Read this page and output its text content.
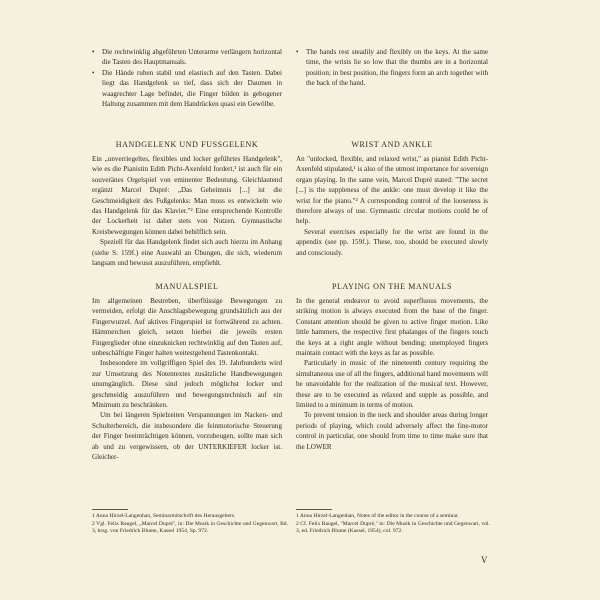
• Die rechtwinklig abgeführten Unterarme verlängern horizontal die Tasten des Hauptmanuals.
• Die Hände ruhen stabil und elastisch auf den Tasten. Dabei liegt das Handgelenk so tief, dass sich der Daumen in waagrechter Lage befindet, die Finger bilden in gebogener Haltung zusammen mit dem Handrücken quasi ein Gewölbe.
HANDGELENK UND FUSSGELENK

Ein „unverriegeltes, flexibles und locker geführtes Handgelenk", wie es die Pianistin Edith Picht-Axenfeld fordert,¹ ist auch für ein souveränes Orgelspiel von eminenter Bedeutung. Gleichlautend ergänzt Marcel Dupré: „Das Geheimnis [...] ist die Geschmeidigkeit des Fußgelenks: Man muss es entwickeln wie das Handgelenk für das Klavier."² Eine entsprechende Kontrolle der Lockerheit ist daher stets von Nutzen. Gymnastische Kreisbewegungen können dabei behilflich sein.

Speziell für das Handgelenk findet sich auch hierzu im Anhang (siehe S. 159f.) eine Auswahl an Übungen, die sich, wiederum langsam und bewusst auszuführen, empfiehlt.

MANUALSPIEL

Im allgemeinen Bestreben, überflüssige Bewegungen zu vermeiden, erfolgt die Anschlagsbewegung grundsätzlich aus der Fingerwurzel. Auf aktives Fingerspiel ist fortwährend zu achten. Hämmerchen gleich, setzen hierbei die jeweils ersten Fingerglieder ohne einzuknicken rechtwinklig auf den Tasten auf, unbeschäftigte Finger halten weitestgehend Tastenkontakt.

Insbesondere im vollgriffigen Spiel des 19. Jahrhunderts wird zur Umsetzung des Notentextes zusätzliche Handbewegungen unumgänglich. Diese sind jedoch möglichst locker und geschmeidig auszuführen und bewegungstechnisch auf ein Minimum zu beschränken.

Um bei längeren Spielzeiten Verspannungen im Nacken- und Schulterbereich, die insbesondere die feinmotorische Steuerung der Finger beeinträchtigen können, vorzubeugen, sollte man sich ab und zu vergewissern, ob der UNTERKIEFER locker ist. Gleicher-

1 Anna Hirzel-Langenhan, Seminarmitschrift des Herausgebers.
2 Vgl. Felix Raugel, „Marcel Dupré", in: Die Musik in Geschichte und Gegenwart, Bd. 3, hrsg. von Friedrich Blume, Kassel 1954, Sp. 972.
• The hands rest steadily and flexibly on the keys. At the same time, the wrists lie so low that the thumbs are in a horizontal position; in best position, the fingers form an arch together with the back of the hand.
WRIST AND ANKLE

An "unlocked, flexible, and relaxed wrist," as pianist Edith Picht-Axenfeld stipulated,¹ is also of the utmost importance for sovereign organ playing. In the same vein, Marcel Dupré stated: "The secret [...] is the suppleness of the ankle: one must develop it like the wrist for the piano."² A corresponding control of the looseness is therefore always of use. Gymnastic circular motions could be of help.

Several exercises especially for the wrist are found in the appendix (see pp. 159f.). These, too, should be executed slowly and consciously.

PLAYING ON THE MANUALS

In the general endeavor to avoid superfluous movements, the striking motion is always executed from the base of the finger. Constant attention should be given to active finger motion. Like little hammers, the respective first phalanges of the fingers touch the keys at a right angle without bending; unemployed fingers maintain contact with the keys as far as possible.

Particularly in music of the nineteenth century requiring the simultaneous use of all the fingers, additional hand movements will be unavoidable for the realization of the musical text. However, these are to be executed as relaxed and supple as possible, and limited to a minimum in terms of motion.

To prevent tension in the neck and shoulder areas during longer periods of playing, which could adversely affect the fine-motor control in particular, one should from time to time make sure that the LOWER

1 Anna Hirzel-Langenhan, Notes of the editor in the course of a seminar.
2 Cf. Felix Raugel, "Marcel Dupré," in: Die Musik in Geschichte und Gegenwart, vol. 3, ed. Friedrich Blume (Kassel, 1954), col. 972.
V
